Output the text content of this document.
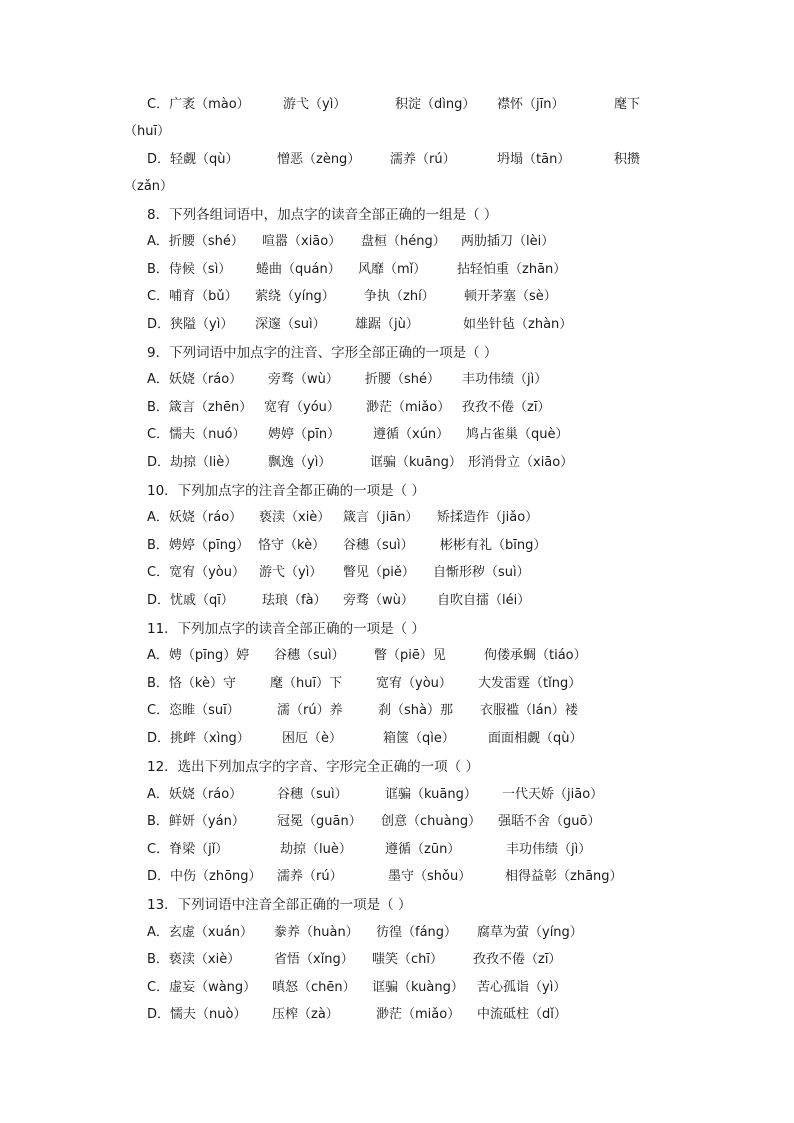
C．广袤（mào）	游弋（yì）	积淀（dìng） 襟怀（jīn）	麾下
（huī）
D．轻觑（qù）	憎恶（zèng） 濡养（rú）	坍塌（tān）	积攒
（zǎn）
8．下列各组词语中，加点字的读音全部正确的一组是（ ）
A．折腰（shé） 喧嚣（xiāo） 盘桓（héng） 两肋插刀（lèi）
B．侍候（sì） 蜷曲（quán） 风靡（mǐ） 拈轻怕重（zhān）
C．哺育（bǔ） 萦绕（yíng） 争执（zhí） 顿开茅塞（sè）
D．狭隘（yì） 深邃（suì） 雄踞（jù）	如坐针毡（zhàn）
9．下列词语中加点字的注音、字形全部正确的一项是（ ）
A．妖娆（ráo） 旁骛（wù） 折腰（shé） 丰功伟绩（jì）
B．箴言（zhēn） 宽宥（yóu） 渺茫（miǎo） 孜孜不倦（zī）
C．懦夫（nuó） 娉婷（pīn）	遵循（xún） 鸠占雀巢（què）
D．劫掠（liè） 飘逸（yì）	诓骗（kuāng） 形消骨立（xiāo）
10．下列加点字的注音全都正确的一项是（ ）
A．妖娆（ráo） 亵渎（xiè） 箴言（jiān） 矫揉造作（jiǎo）
B．娉婷（pīng） 恪守（kè） 谷穗（suì） 彬彬有礼（bīng）
C．宽宥（yòu） 游弋（yì） 瞥见（piě） 自惭形秽（suì）
D．忧戚（qī） 珐琅（fà） 旁骛（wù） 自吹自擂（léi）
11．下列加点字的读音全部正确的一项是（ ）
A．娉（pīng）婷 谷穗（suì） 瞥（piē）见	佝偻承蜩（tiáo）
B．恪（kè）守	麾（huī）下	宽宥（yòu） 大发雷霆（tǐng）
C．恣睢（suī）	濡（rú）养	刹（shà）那 衣服褴（lán）褛
D．挑衅（xìng） 困厄（è）	箱箧（qìe）	面面相觑（qù）
12．选出下列加点字的字音、字形完全正确的一项（ ）
A．妖娆（ráo）	谷穗（suì）	诓骗（kuāng） 一代天娇（jiāo）
B．鲜妍（yán） 冠冕（guān） 创意（chuàng） 强聒不舍（guō）
C．脊梁（jǐ）	劫掠（luè）	遵循（zūn）	丰功伟绩（jì）
D．中伤（zhōng） 濡养（rú）	墨守（shǒu）	相得益彰（zhāng）
13．下列词语中注音全部正确的一项是（ ）
A．玄虚（xuán） 豢养（huàn） 彷徨（fáng） 腐草为萤（yíng）
B．亵渎（xiè）	省悟（xǐng） 嗤笑（chī） 孜孜不倦（zī）
C．虚妄（wàng） 嗔怒（chēn） 诓骗（kuàng） 苦心孤诣（yì）
D．懦夫（nuò） 压榨（zà）	渺茫（miǎo） 中流砥柱（dǐ）
